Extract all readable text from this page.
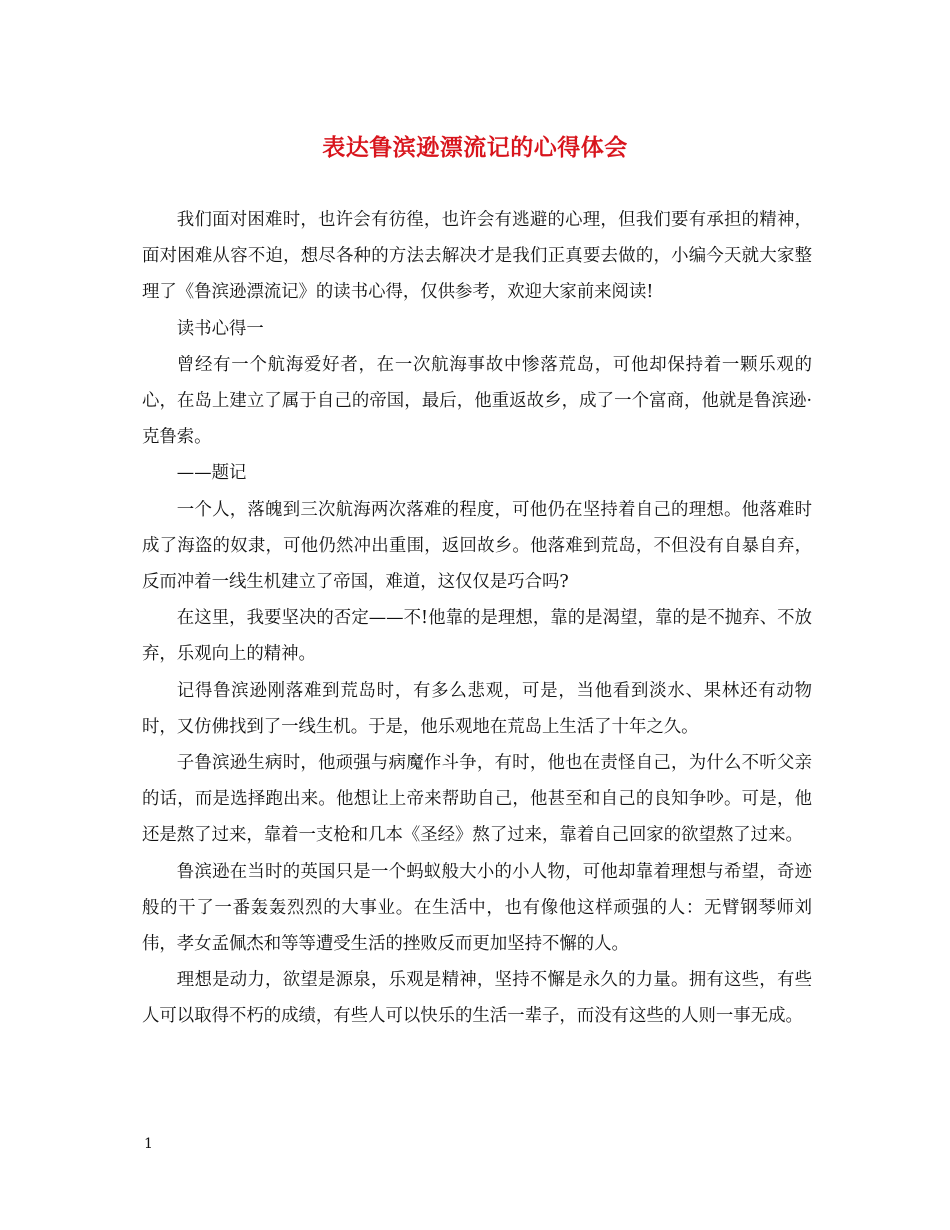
表达鲁滨逊漂流记的心得体会

我们面对困难时，也许会有彷徨，也许会有逃避的心理，但我们要有承担的精神，面对困难从容不迫，想尽各种的方法去解决才是我们正真要去做的，小编今天就大家整理了《鲁滨逊漂流记》的读书心得，仅供参考，欢迎大家前来阅读!

读书心得一

曾经有一个航海爱好者，在一次航海事故中惨落荒岛，可他却保持着一颗乐观的心，在岛上建立了属于自己的帝国，最后，他重返故乡，成了一个富商，他就是鲁滨逊·克鲁索。

——题记

一个人，落魄到三次航海两次落难的程度，可他仍在坚持着自己的理想。他落难时成了海盗的奴隶，可他仍然冲出重围，返回故乡。他落难到荒岛，不但没有自暴自弃，反而冲着一线生机建立了帝国，难道，这仅仅是巧合吗?

在这里，我要坚决的否定——不!他靠的是理想，靠的是渴望，靠的是不抛弃、不放弃，乐观向上的精神。

记得鲁滨逊刚落难到荒岛时，有多么悲观，可是，当他看到淡水、果林还有动物时，又仿佛找到了一线生机。于是，他乐观地在荒岛上生活了十年之久。

子鲁滨逊生病时，他顽强与病魔作斗争，有时，他也在责怪自己，为什么不听父亲的话，而是选择跑出来。他想让上帝来帮助自己，他甚至和自己的良知争吵。可是，他还是熬了过来，靠着一支枪和几本《圣经》熬了过来，靠着自己回家的欲望熬了过来。

鲁滨逊在当时的英国只是一个蚂蚁般大小的小人物，可他却靠着理想与希望，奇迹般的干了一番轰轰烈烈的大事业。在生活中，也有像他这样顽强的人：无臂钢琴师刘伟，孝女孟佩杰和等等遭受生活的挫败反而更加坚持不懈的人。

理想是动力，欲望是源泉，乐观是精神，坚持不懈是永久的力量。拥有这些，有些人可以取得不朽的成绩，有些人可以快乐的生活一辈子，而没有这些的人则一事无成。

1
